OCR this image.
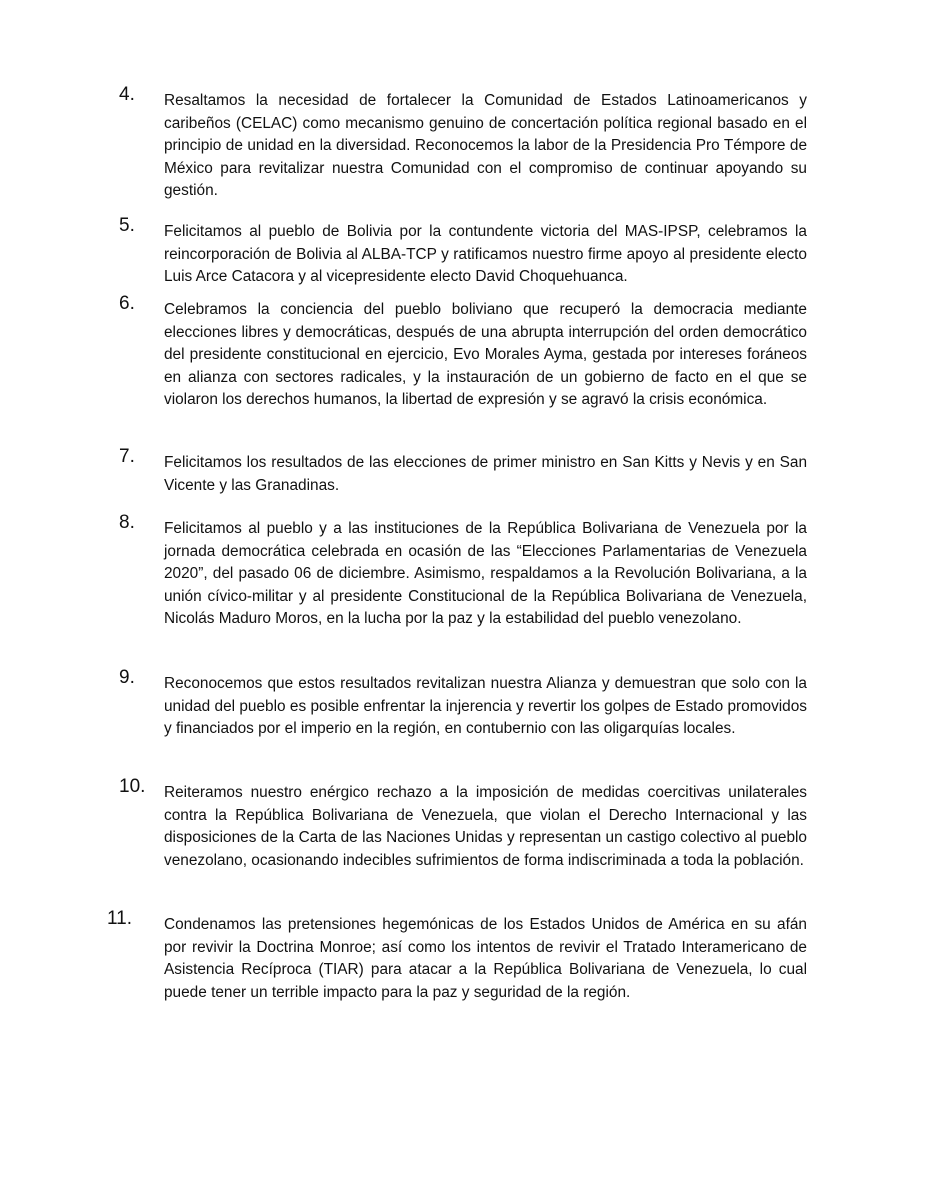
4. Resaltamos la necesidad de fortalecer la Comunidad de Estados Latinoamericanos y caribeños (CELAC) como mecanismo genuino de concertación política regional basado en el principio de unidad en la diversidad. Reconocemos la labor de la Presidencia Pro Témpore de México para revitalizar nuestra Comunidad con el compromiso de continuar apoyando su gestión.

5. Felicitamos al pueblo de Bolivia por la contundente victoria del MAS-IPSP, celebramos la reincorporación de Bolivia al ALBA-TCP y ratificamos nuestro firme apoyo al presidente electo Luis Arce Catacora y al vicepresidente electo David Choquehuanca.

6. Celebramos la conciencia del pueblo boliviano que recuperó la democracia mediante elecciones libres y democráticas, después de una abrupta interrupción del orden democrático del presidente constitucional en ejercicio, Evo Morales Ayma, gestada por intereses foráneos en alianza con sectores radicales, y la instauración de un gobierno de facto en el que se violaron los derechos humanos, la libertad de expresión y se agravó la crisis económica.

7. Felicitamos los resultados de las elecciones de primer ministro en San Kitts y Nevis y en San Vicente y las Granadinas.

8. Felicitamos al pueblo y a las instituciones de la República Bolivariana de Venezuela por la jornada democrática celebrada en ocasión de las “Elecciones Parlamentarias de Venezuela 2020”, del pasado 06 de diciembre. Asimismo, respaldamos a la Revolución Bolivariana, a la unión cívico-militar y al presidente Constitucional de la República Bolivariana de Venezuela, Nicolás Maduro Moros, en la lucha por la paz y la estabilidad del pueblo venezolano.

9. Reconocemos que estos resultados revitalizan nuestra Alianza y demuestran que solo con la unidad del pueblo es posible enfrentar la injerencia y revertir los golpes de Estado promovidos y financiados por el imperio en la región, en contubernio con las oligarquías locales.

10. Reiteramos nuestro enérgico rechazo a la imposición de medidas coercitivas unilaterales contra la República Bolivariana de Venezuela, que violan el Derecho Internacional y las disposiciones de la Carta de las Naciones Unidas y representan un castigo colectivo al pueblo venezolano, ocasionando indecibles sufrimientos de forma indiscriminada a toda la población.

11. Condenamos las pretensiones hegemónicas de los Estados Unidos de América en su afán por revivir la Doctrina Monroe; así como los intentos de revivir el Tratado Interamericano de Asistencia Recíproca (TIAR) para atacar a la República Bolivariana de Venezuela, lo cual puede tener un terrible impacto para la paz y seguridad de la región.
